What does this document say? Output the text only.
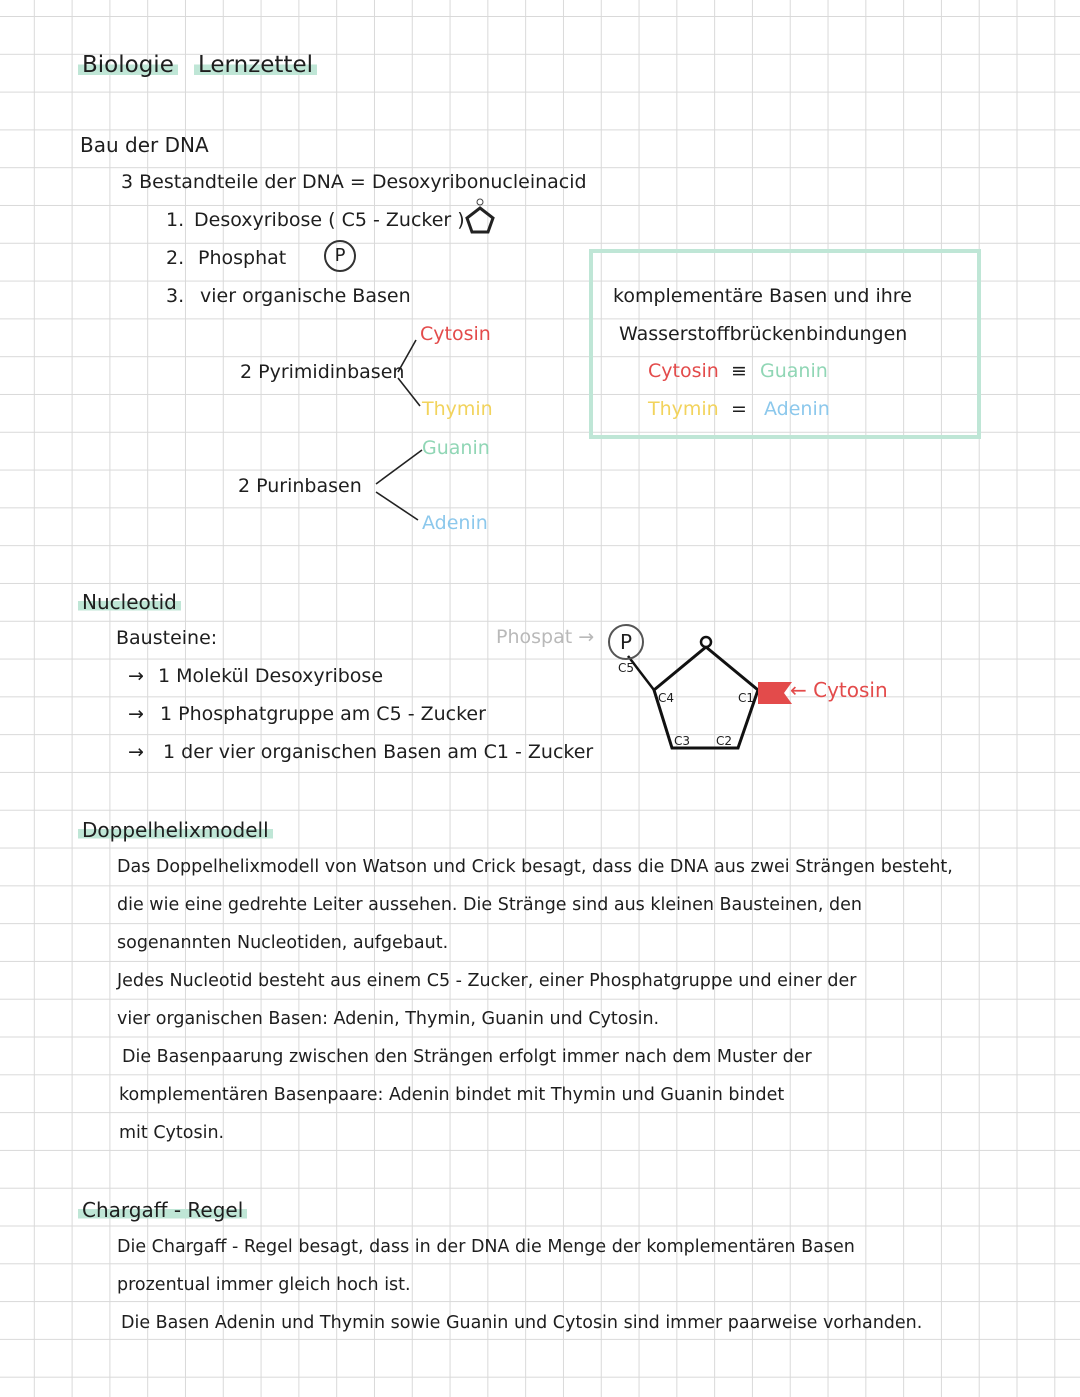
Biologie Lernzettel
Bau der DNA
3 Bestandteile der DNA = Desoxyribonucleinacid
1. Desoxyribose ( C5 - Zucker )
2. Phosphat
3. vier organische Basen
P
2 Pyrimidinbasen
Cytosin
Thymin
2 Purinbasen
Guanin
Adenin
komplementäre Basen und ihre
Wasserstoffbrückenbindungen
Cytosin ≡ Guanin
Thymin = Adenin
Nucleotid
Bausteine:
→ 1 Molekül Desoxyribose
→ 1 Phosphatgruppe am C5 - Zucker
→ 1 der vier organischen Basen am C1 - Zucker
Phospat →	P
C5
C4	C1
C3 C2
← Cytosin
Doppelhelixmodell
Das Doppelhelixmodell von Watson und Crick besagt, dass die DNA aus zwei Strängen besteht,
die wie eine gedrehte Leiter aussehen. Die Stränge sind aus kleinen Bausteinen, den
sogenannten Nucleotiden, aufgebaut.
Jedes Nucleotid besteht aus einem C5 - Zucker, einer Phosphatgruppe und einer der
vier organischen Basen: Adenin, Thymin, Guanin und Cytosin.
Die Basenpaarung zwischen den Strängen erfolgt immer nach dem Muster der
komplementären Basenpaare: Adenin bindet mit Thymin und Guanin bindet
mit Cytosin.
Chargaff - Regel
Die Chargaff - Regel besagt, dass in der DNA die Menge der komplementären Basen
prozentual immer gleich hoch ist.
Die Basen Adenin und Thymin sowie Guanin und Cytosin sind immer paarweise vorhanden.
